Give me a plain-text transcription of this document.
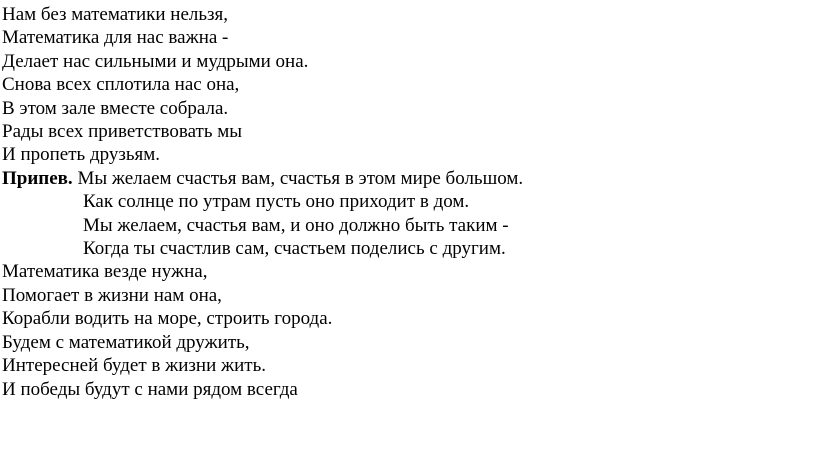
Нам без математики нельзя,
Математика для нас важна -
Делает нас сильными и мудрыми она.
Снова всех сплотила нас она,
В этом зале вместе собрала.
Рады всех приветствовать мы
И пропеть друзьям.
Припев. Мы желаем счастья вам, счастья в этом мире большом.
Как солнце по утрам пусть оно приходит в дом.
Мы желаем, счастья вам, и оно должно быть таким -
Когда ты счастлив сам, счастьем поделись с другим.
Математика везде нужна,
Помогает в жизни нам она,
Корабли водить на море, строить города.
Будем с математикой дружить,
Интересней будет в жизни жить.
И победы будут с нами рядом всегда
